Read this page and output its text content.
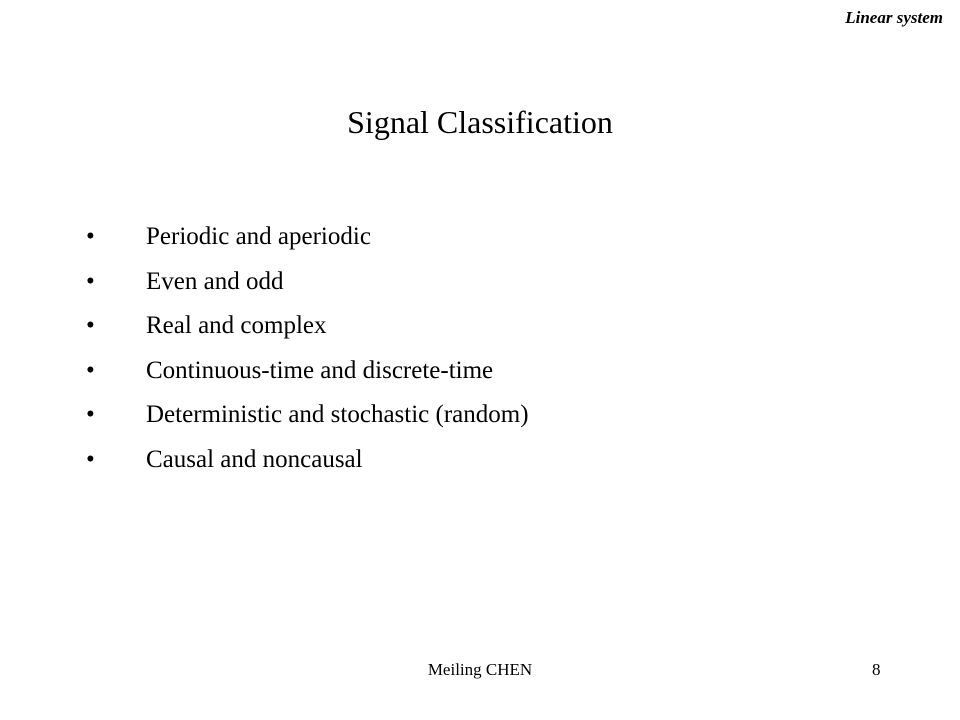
Linear system
Signal Classification
•	Periodic and aperiodic
•	Even and odd
•	Real and complex
•	Continuous-time and discrete-time
•	Deterministic and stochastic (random)
•	Causal and noncausal
Meiling CHEN	8
